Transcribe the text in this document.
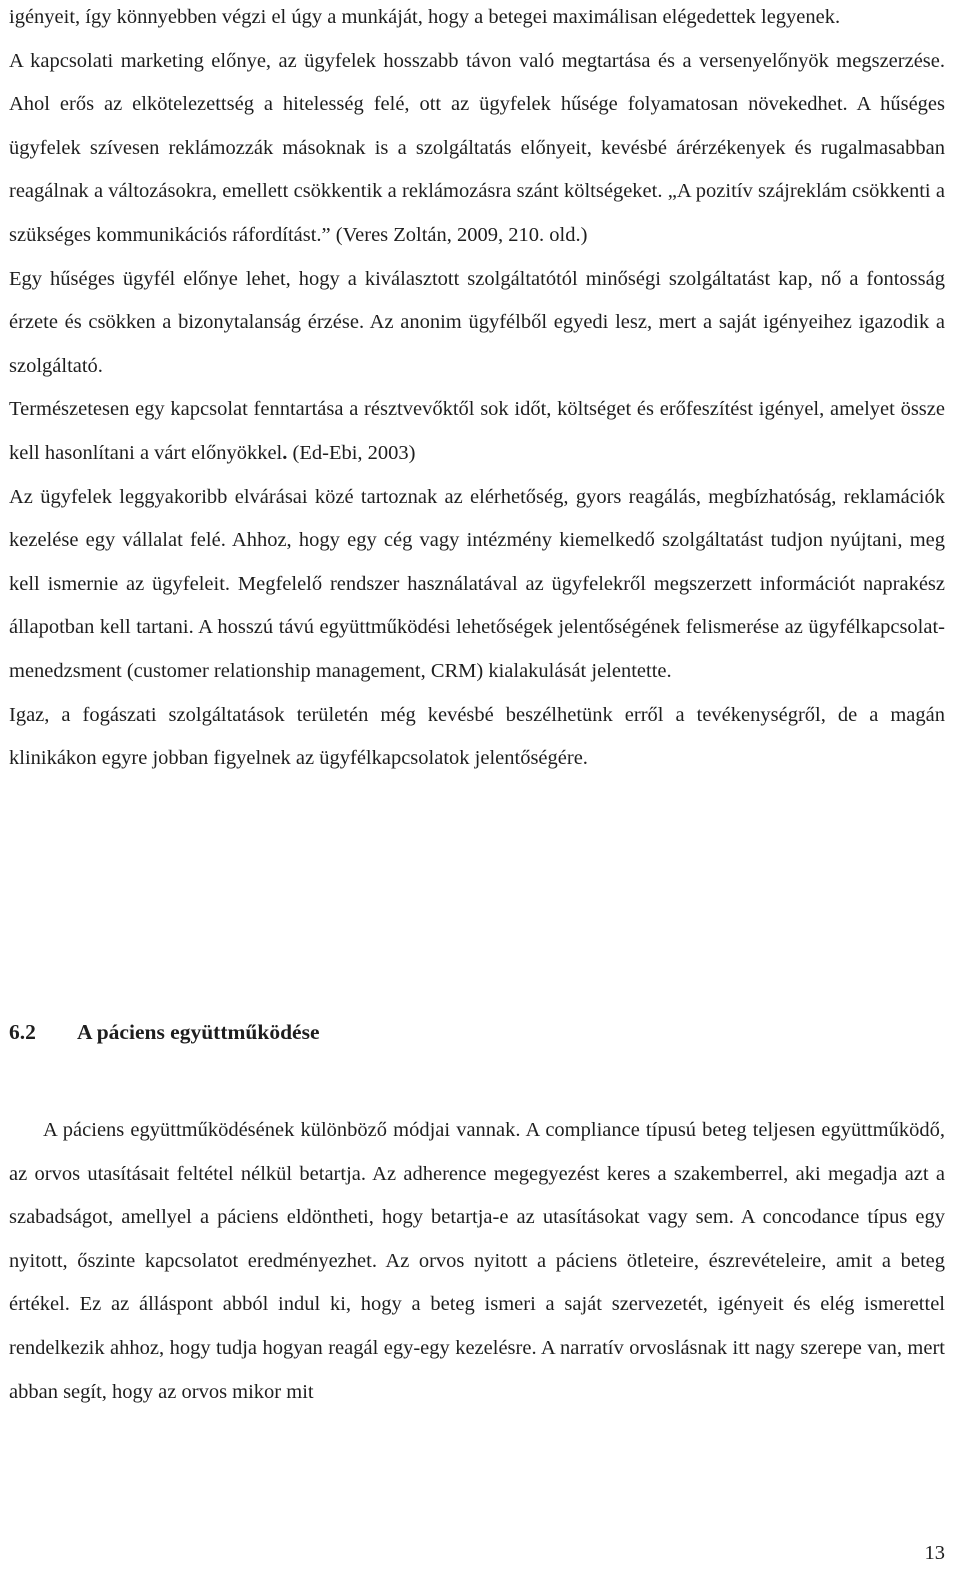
igényeit, így könnyebben végzi el úgy a munkáját, hogy a betegei maximálisan elégedettek legyenek.

A kapcsolati marketing előnye, az ügyfelek hosszabb távon való megtartása és a versenyelőnyök megszerzése. Ahol erős az elkötelezettség a hitelesség felé, ott az ügyfelek hűsége folyamatosan növekedhet. A hűséges ügyfelek szívesen reklámozzák másoknak is a szolgáltatás előnyeit, kevésbé árérzékenyek és rugalmasabban reagálnak a változásokra, emellett csökkentik a reklámozásra szánt költségeket. „A pozitív szájreklám csökkenti a szükséges kommunikációs ráfordítást.” (Veres Zoltán, 2009, 210. old.)

Egy hűséges ügyfél előnye lehet, hogy a kiválasztott szolgáltatótól minőségi szolgáltatást kap, nő a fontosság érzete és csökken a bizonytalanság érzése. Az anonim ügyfélből egyedi lesz, mert a saját igényeihez igazodik a szolgáltató.

Természetesen egy kapcsolat fenntartása a résztvevőktől sok időt, költséget és erőfeszítést igényel, amelyet össze kell hasonlítani a várt előnyökkel. (Ed-Ebi, 2003)

Az ügyfelek leggyakoribb elvárásai közé tartoznak az elérhetőség, gyors reagálás, megbízhatóság, reklamációk kezelése egy vállalat felé. Ahhoz, hogy egy cég vagy intézmény kiemelkedő szolgáltatást tudjon nyújtani, meg kell ismernie az ügyfeleit. Megfelelő rendszer használatával az ügyfelekről megszerzett információt naprakész állapotban kell tartani. A hosszú távú együttműködési lehetőségek jelentőségének felismerése az ügyfélkapcsolat-menedzsment (customer relationship management, CRM) kialakulását jelentette.

Igaz, a fogászati szolgáltatások területén még kevésbé beszélhetünk erről a tevékenységről, de a magán klinikákon egyre jobban figyelnek az ügyfélkapcsolatok jelentőségére.

6.2	A páciens együttműködése

A páciens együttműködésének különböző módjai vannak. A compliance típusú beteg teljesen együttműködő, az orvos utasításait feltétel nélkül betartja. Az adherence megegyezést keres a szakemberrel, aki megadja azt a szabadságot, amellyel a páciens eldöntheti, hogy betartja-e az utasításokat vagy sem. A concodance típus egy nyitott, őszinte kapcsolatot eredményezhet. Az orvos nyitott a páciens ötleteire, észrevételeire, amit a beteg értékel. Ez az álláspont abból indul ki, hogy a beteg ismeri a saját szervezetét, igényeit és elég ismerettel rendelkezik ahhoz, hogy tudja hogyan reagál egy-egy kezelésre. A narratív orvoslásnak itt nagy szerepe van, mert abban segít, hogy az orvos mikor mit

13
